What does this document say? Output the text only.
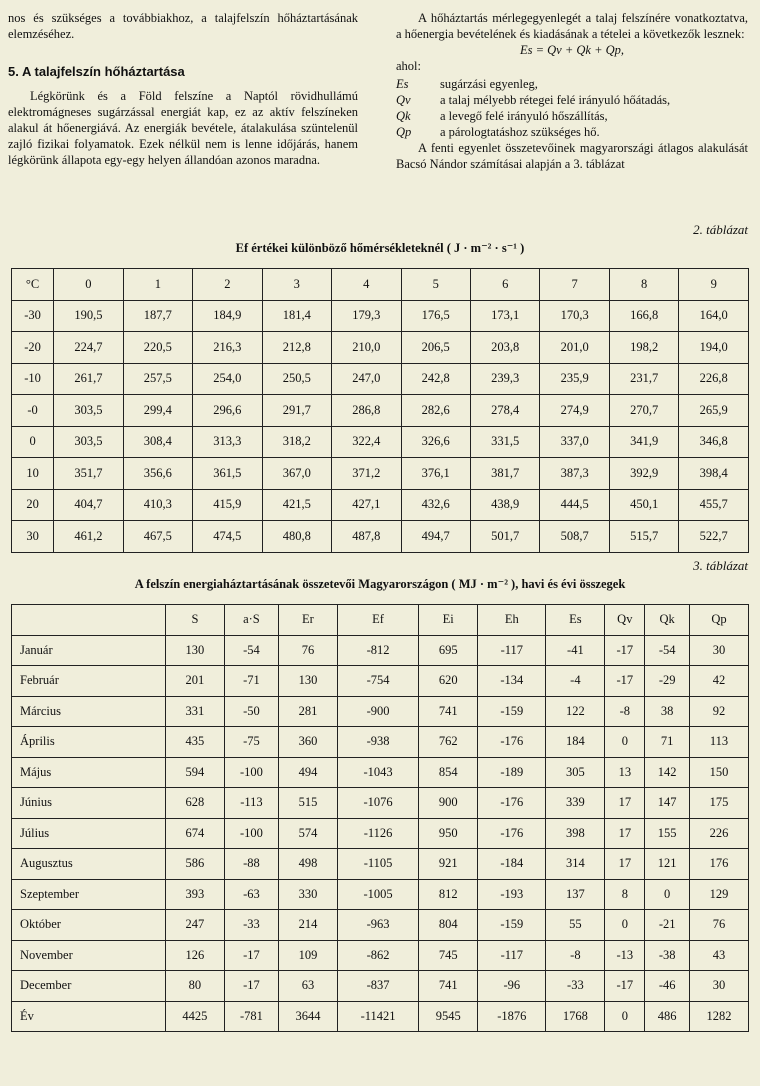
nos és szükséges a továbbiakhoz, a talajfelszín hőháztartásának elemzéséhez.

5. A talajfelszín hőháztartása

Légkörünk és a Föld felszíne a Naptól rövidhullámú elektromágneses sugárzással energiát kap, ez az aktív felszíneken alakul át hőenergiává. Az energiák bevétele, átalakulása szüntelenül zajló fizikai folyamatok. Ezek nélkül nem is lenne időjárás, hanem légkörünk állapota egy-egy helyen állandóan azonos maradna.

A hőháztartás mérlegegyenlegét a talaj felszínére vonatkoztatva, a hőenergia bevételének és kiadásának a tételei a következők lesznek:

Es = Qv + Qk + Qp,

ahol:

Es	sugárzási egyenleg,
Qv	a talaj mélyebb rétegei felé irányuló hőátadás,
Qk	a levegő felé irányuló hőszállítás,
Qp	a párologtatáshoz szükséges hő.

A fenti egyenlet összetevőinek magyarországi átlagos alakulását Bacsó Nándor számításai alapján a 3. táblázat

2. táblázat
Ef értékei különböző hőmérsékleteknél ( J · m⁻² · s⁻¹ )
°C	0	1	2	3	4	5	6	7	8	9
-30	190,5	187,7	184,9	181,4	179,3	176,5	173,1	170,3	166,8	164,0
-20	224,7	220,5	216,3	212,8	210,0	206,5	203,8	201,0	198,2	194,0
-10	261,7	257,5	254,0	250,5	247,0	242,8	239,3	235,9	231,7	226,8
-0	303,5	299,4	296,6	291,7	286,8	282,6	278,4	274,9	270,7	265,9
0	303,5	308,4	313,3	318,2	322,4	326,6	331,5	337,0	341,9	346,8
10	351,7	356,6	361,5	367,0	371,2	376,1	381,7	387,3	392,9	398,4
20	404,7	410,3	415,9	421,5	427,1	432,6	438,9	444,5	450,1	455,7
30	461,2	467,5	474,5	480,8	487,8	494,7	501,7	508,7	515,7	522,7
3. táblázat
A felszín energiaháztartásának összetevői Magyarországon ( MJ · m⁻² ), havi és évi összegek
	S	a·S	Er	Ef	Ei	Eh	Es	Qv	Qk	Qp
Január	130	-54	76	-812	695	-117	-41	-17	-54	30
Február	201	-71	130	-754	620	-134	-4	-17	-29	42
Március	331	-50	281	-900	741	-159	122	-8	38	92
Április	435	-75	360	-938	762	-176	184	0	71	113
Május	594	-100	494	-1043	854	-189	305	13	142	150
Június	628	-113	515	-1076	900	-176	339	17	147	175
Július	674	-100	574	-1126	950	-176	398	17	155	226
Augusztus	586	-88	498	-1105	921	-184	314	17	121	176
Szeptember	393	-63	330	-1005	812	-193	137	8	0	129
Október	247	-33	214	-963	804	-159	55	0	-21	76
November	126	-17	109	-862	745	-117	-8	-13	-38	43
December	80	-17	63	-837	741	-96	-33	-17	-46	30
Év	4425	-781	3644	-11421	9545	-1876	1768	0	486	1282
